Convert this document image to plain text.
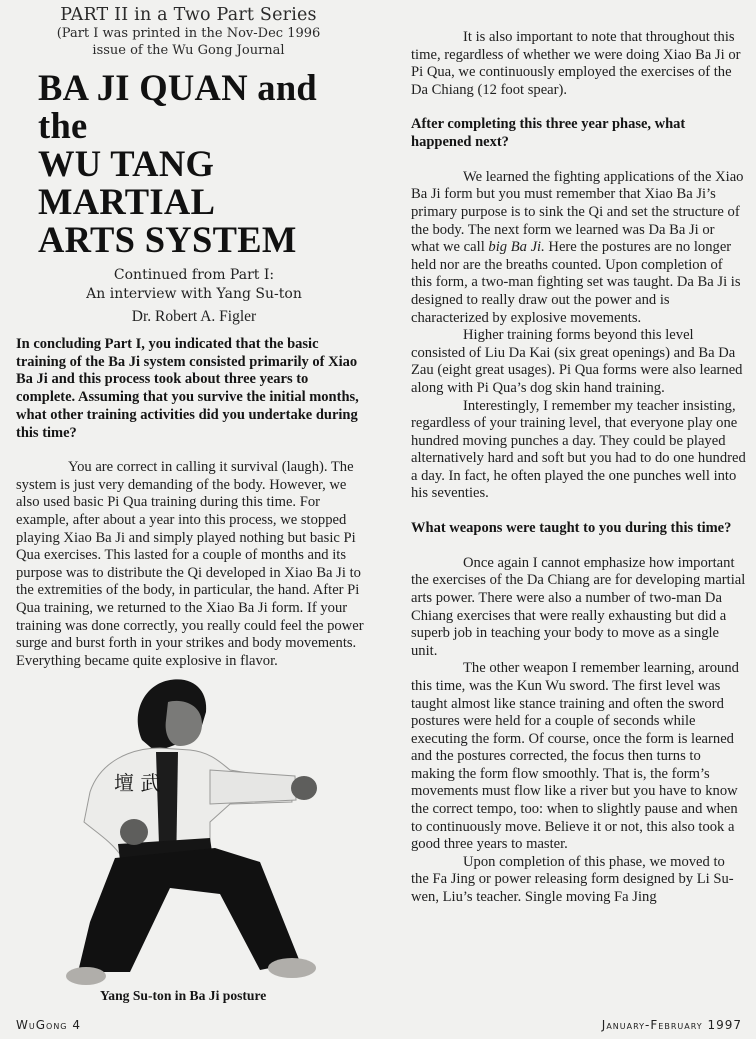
PART II in a Two Part Series
(Part I was printed in the Nov-Dec 1996
issue of the Wu Gong Journal
BA JI QUAN and the
WU TANG MARTIAL
ARTS SYSTEM
Continued from Part I:
An interview with Yang Su-ton
Dr. Robert A. Figler

In concluding Part I, you indicated that the basic training of the Ba Ji system consisted primarily of Xiao Ba Ji and this process took about three years to complete. Assuming that you survive the initial months, what other training activities did you undertake during this time?

You are correct in calling it survival (laugh). The system is just very demanding of the body. However, we also used basic Pi Qua training during this time. For example, after about a year into this process, we stopped playing Xiao Ba Ji and simply played nothing but basic Pi Qua exercises. This lasted for a couple of months and its purpose was to distribute the Qi developed in Xiao Ba Ji to the extremities of the body, in particular, the hand. After Pi Qua training, we returned to the Xiao Ba Ji form. If your training was done correctly, you really could feel the power surge and burst forth in your strikes and body movements. Everything became quite explosive in flavor.

壇 武
Yang Su-ton in Ba Ji posture

It is also important to note that throughout this time, regardless of whether we were doing Xiao Ba Ji or Pi Qua, we continuously employed the exercises of the Da Chiang (12 foot spear).

After completing this three year phase, what happened next?

We learned the fighting applications of the Xiao Ba Ji form but you must remember that Xiao Ba Ji’s primary purpose is to sink the Qi and set the structure of the body. The next form we learned was Da Ba Ji or what we call big Ba Ji. Here the postures are no longer held nor are the breaths counted. Upon completion of this form, a two-man fighting set was taught. Da Ba Ji is designed to really draw out the power and is characterized by explosive movements.

Higher training forms beyond this level consisted of Liu Da Kai (six great openings) and Ba Da Zau (eight great usages). Pi Qua forms were also learned along with Pi Qua’s dog skin hand training.

Interestingly, I remember my teacher insisting, regardless of your training level, that everyone play one hundred moving punches a day. They could be played alternatively hard and soft but you had to do one hundred a day. In fact, he often played the one punches well into his seventies.

What weapons were taught to you during this time?

Once again I cannot emphasize how important the exercises of the Da Chiang are for developing martial arts power. There were also a number of two-man Da Chiang exercises that were really exhausting but did a superb job in teaching your body to move as a single unit.

The other weapon I remember learning, around this time, was the Kun Wu sword. The first level was taught almost like stance training and often the sword postures were held for a couple of seconds while executing the form. Of course, once the form is learned and the postures corrected, the focus then turns to making the form flow smoothly. That is, the form’s movements must flow like a river but you have to know the correct tempo, too: when to slightly pause and when to continuously move. Believe it or not, this also took a good three years to master.

Upon completion of this phase, we moved to the Fa Jing or power releasing form designed by Li Su-wen, Liu’s teacher. Single moving Fa Jing

WuGong 4	January-February 1997
